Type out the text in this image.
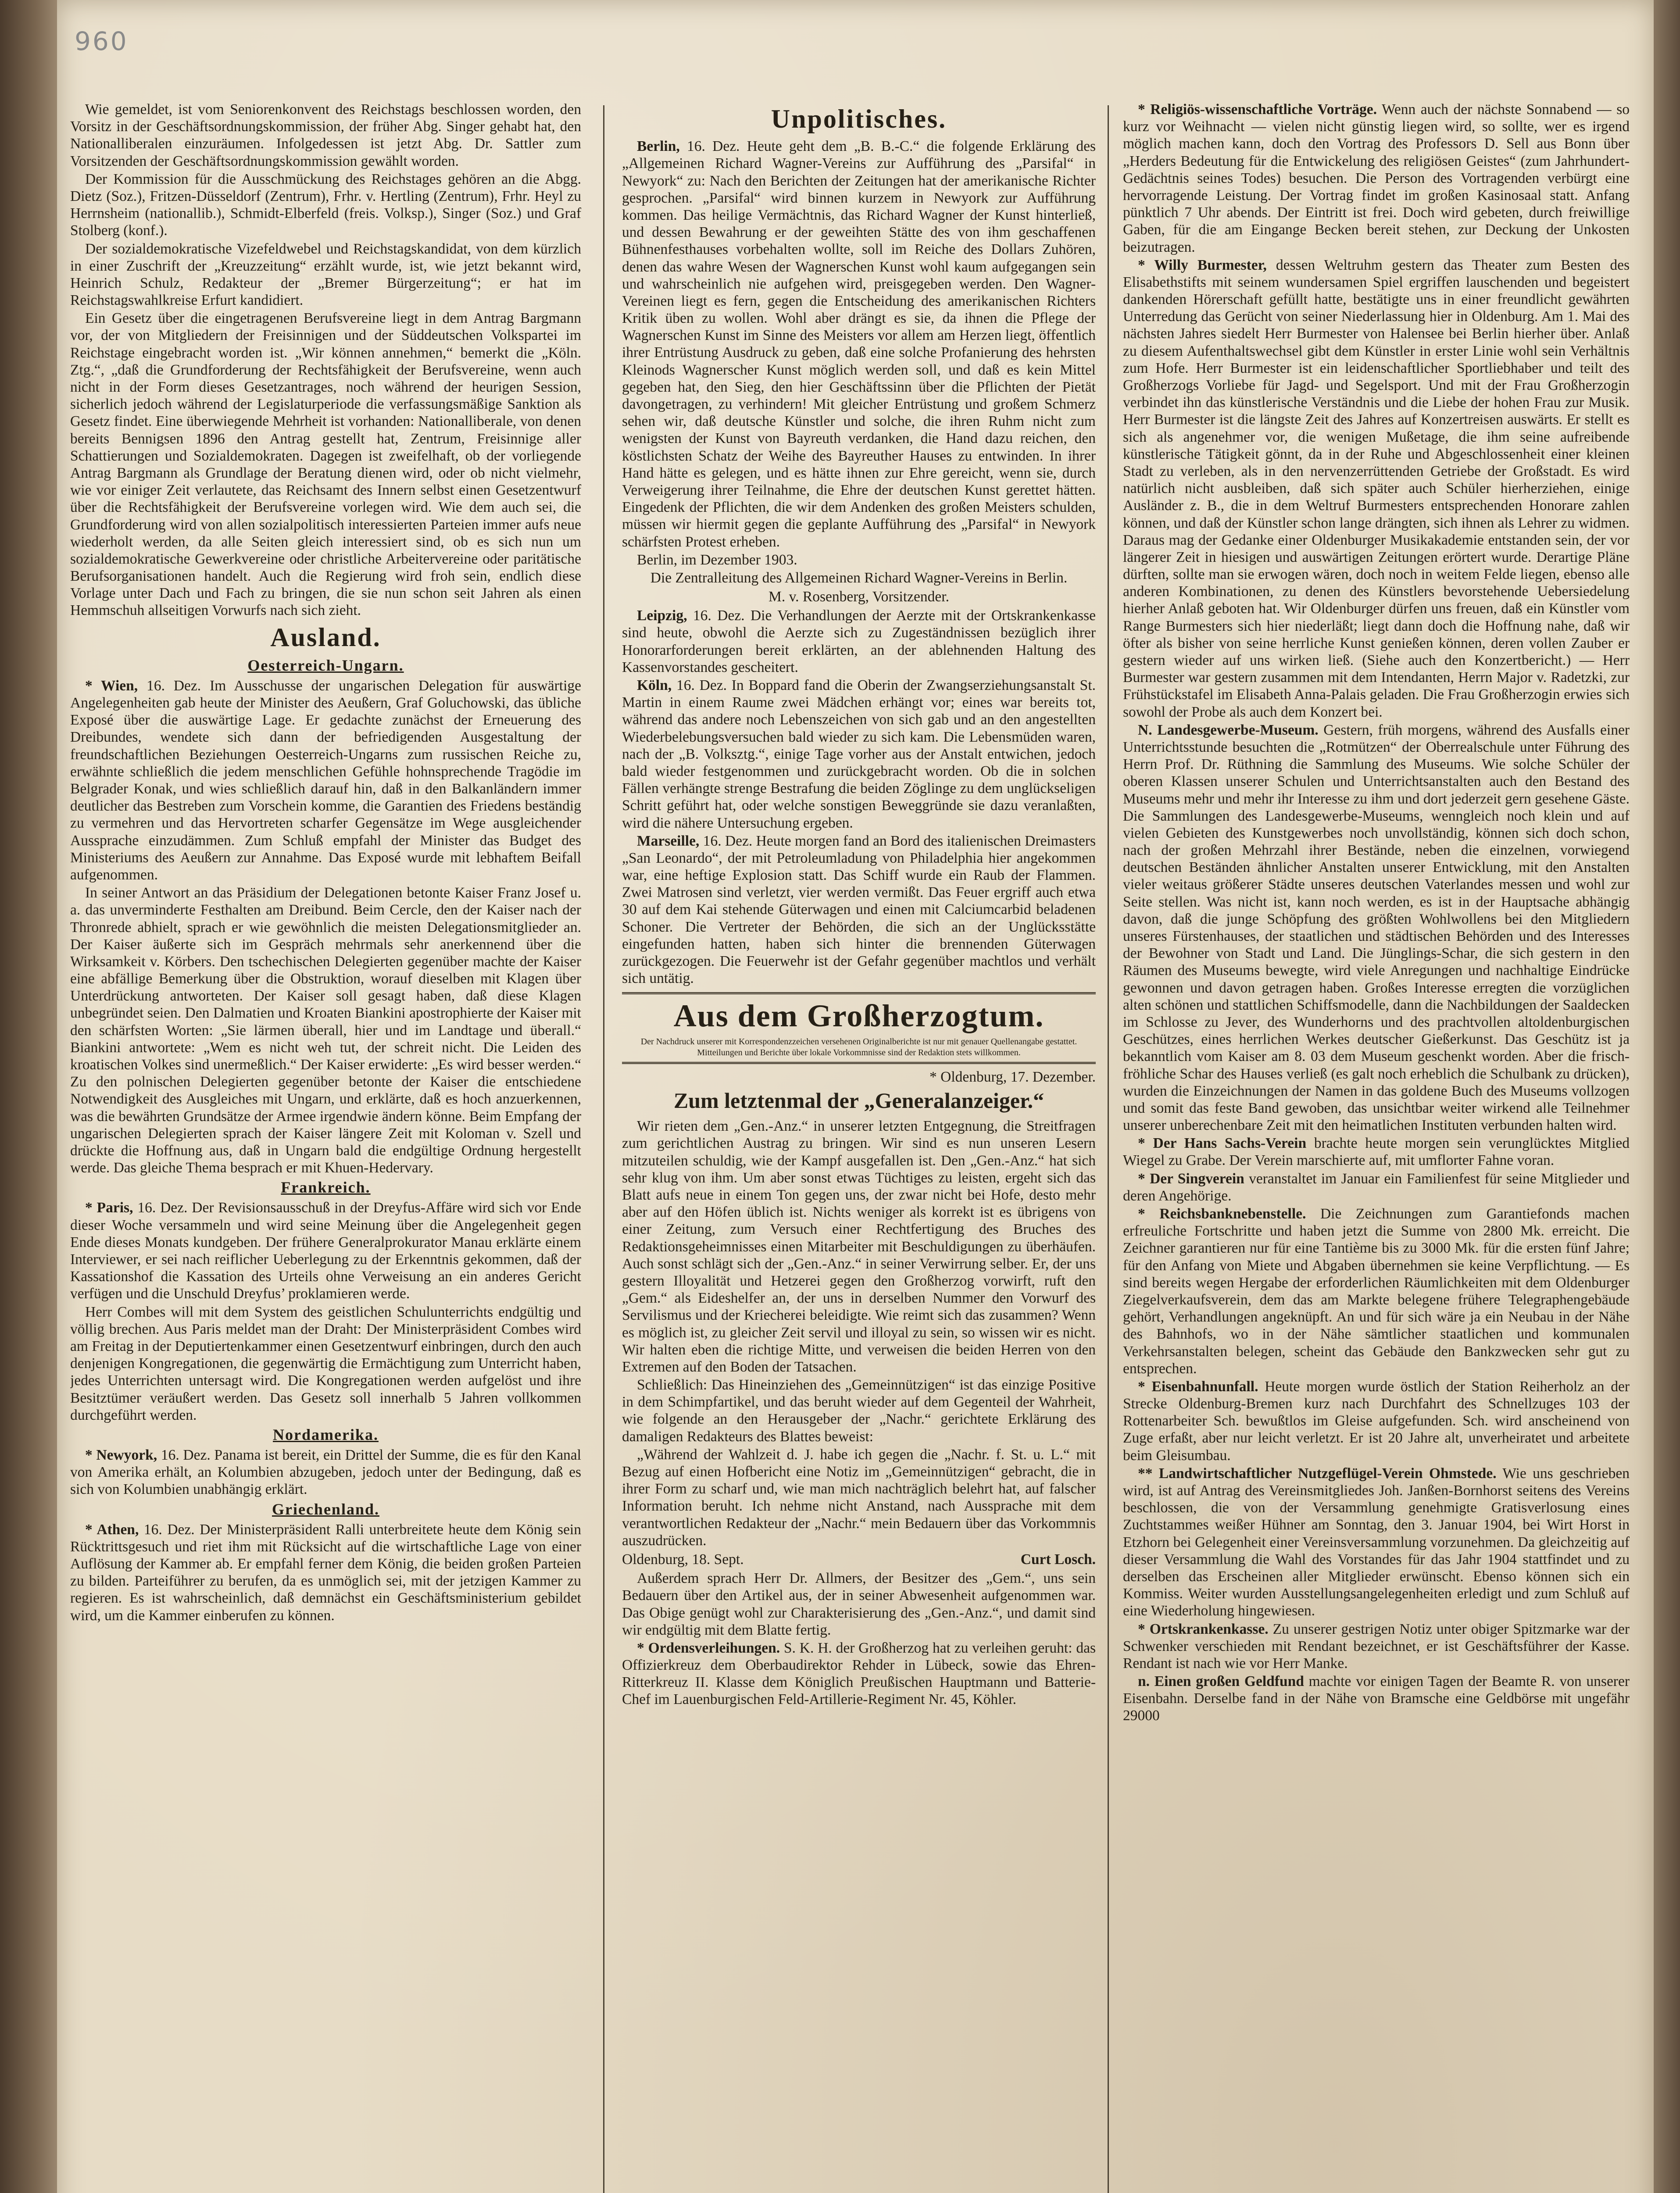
960

Wie gemeldet, ist vom Seniorenkonvent des Reichstags beschlossen worden, den Vorsitz in der Geschäftsordnungskommission, der früher Abg. Singer gehabt hat, den Nationalliberalen einzuräumen. Infolgedessen ist jetzt Abg. Dr. Sattler zum Vorsitzenden der Geschäftsordnungskommission gewählt worden.

Der Kommission für die Ausschmückung des Reichstages gehören an die Abgg. Dietz (Soz.), Fritzen-Düsseldorf (Zentrum), Frhr. v. Hertling (Zentrum), Frhr. Heyl zu Herrnsheim (nationallib.), Schmidt-Elberfeld (freis. Volksp.), Singer (Soz.) und Graf Stolberg (konf.).

Der sozialdemokratische Vizefeldwebel und Reichstagskandidat, von dem kürzlich in einer Zuschrift der „Kreuzzeitung“ erzählt wurde, ist, wie jetzt bekannt wird, Heinrich Schulz, Redakteur der „Bremer Bürgerzeitung“; er hat im Reichstagswahlkreise Erfurt kandidiert.

Ein Gesetz über die eingetragenen Berufsvereine liegt in dem Antrag Bargmann vor, der von Mitgliedern der Freisinnigen und der Süddeutschen Volkspartei im Reichstage eingebracht worden ist. „Wir können annehmen,“ bemerkt die „Köln. Ztg.“, „daß die Grundforderung der Rechtsfähigkeit der Berufsvereine, wenn auch nicht in der Form dieses Gesetzantrages, noch während der heurigen Session, sicherlich jedoch während der Legislaturperiode die verfassungsmäßige Sanktion als Gesetz findet. Eine überwiegende Mehrheit ist vorhanden: Nationalliberale, von denen bereits Bennigsen 1896 den Antrag gestellt hat, Zentrum, Freisinnige aller Schattierungen und Sozialdemokraten. Dagegen ist zweifelhaft, ob der vorliegende Antrag Bargmann als Grundlage der Beratung dienen wird, oder ob nicht vielmehr, wie vor einiger Zeit verlautete, das Reichsamt des Innern selbst einen Gesetzentwurf über die Rechtsfähigkeit der Berufsvereine vorlegen wird. Wie dem auch sei, die Grundforderung wird von allen sozialpolitisch interessierten Parteien immer aufs neue wiederholt werden, da alle Seiten gleich interessiert sind, ob es sich nun um sozialdemokratische Gewerkvereine oder christliche Arbeitervereine oder paritätische Berufsorganisationen handelt. Auch die Regierung wird froh sein, endlich diese Vorlage unter Dach und Fach zu bringen, die sie nun schon seit Jahren als einen Hemmschuh allseitigen Vorwurfs nach sich zieht.

Ausland.
Oesterreich-Ungarn.

* Wien, 16. Dez. Im Ausschusse der ungarischen Delegation für auswärtige Angelegenheiten gab heute der Minister des Aeußern, Graf Goluchowski, das übliche Exposé über die auswärtige Lage. Er gedachte zunächst der Erneuerung des Dreibundes, wendete sich dann der befriedigenden Ausgestaltung der freundschaftlichen Beziehungen Oesterreich-Ungarns zum russischen Reiche zu, erwähnte schließlich die jedem menschlichen Gefühle hohnsprechende Tragödie im Belgrader Konak, und wies schließlich darauf hin, daß in den Balkanländern immer deutlicher das Bestreben zum Vorschein komme, die Garantien des Friedens beständig zu vermehren und das Hervortreten scharfer Gegensätze im Wege ausgleichender Aussprache einzudämmen. Zum Schluß empfahl der Minister das Budget des Ministeriums des Aeußern zur Annahme. Das Exposé wurde mit lebhaftem Beifall aufgenommen.

In seiner Antwort an das Präsidium der Delegationen betonte Kaiser Franz Josef u. a. das unverminderte Festhalten am Dreibund. Beim Cercle, den der Kaiser nach der Thronrede abhielt, sprach er wie gewöhnlich die meisten Delegationsmitglieder an. Der Kaiser äußerte sich im Gespräch mehrmals sehr anerkennend über die Wirksamkeit v. Körbers. Den tschechischen Delegierten gegenüber machte der Kaiser eine abfällige Bemerkung über die Obstruktion, worauf dieselben mit Klagen über Unterdrückung antworteten. Der Kaiser soll gesagt haben, daß diese Klagen unbegründet seien. Den Dalmatien und Kroaten Biankini apostrophierte der Kaiser mit den schärfsten Worten: „Sie lärmen überall, hier und im Landtage und überall.“ Biankini antwortete: „Wem es nicht weh tut, der schreit nicht. Die Leiden des kroatischen Volkes sind unermeßlich.“ Der Kaiser erwiderte: „Es wird besser werden.“ Zu den polnischen Delegierten gegenüber betonte der Kaiser die entschiedene Notwendigkeit des Ausgleiches mit Ungarn, und erklärte, daß es hoch anzuerkennen, was die bewährten Grundsätze der Armee irgendwie ändern könne. Beim Empfang der ungarischen Delegierten sprach der Kaiser längere Zeit mit Koloman v. Szell und drückte die Hoffnung aus, daß in Ungarn bald die endgültige Ordnung hergestellt werde. Das gleiche Thema besprach er mit Khuen-Hedervary.

Frankreich.

* Paris, 16. Dez. Der Revisionsausschuß in der Dreyfus-Affäre wird sich vor Ende dieser Woche versammeln und wird seine Meinung über die Angelegenheit gegen Ende dieses Monats kundgeben. Der frühere Generalprokurator Manau erklärte einem Interviewer, er sei nach reiflicher Ueberlegung zu der Erkenntnis gekommen, daß der Kassationshof die Kassation des Urteils ohne Verweisung an ein anderes Gericht verfügen und die Unschuld Dreyfus’ proklamieren werde.

Herr Combes will mit dem System des geistlichen Schulunterrichts endgültig und völlig brechen. Aus Paris meldet man der Draht: Der Ministerpräsident Combes wird am Freitag in der Deputiertenkammer einen Gesetzentwurf einbringen, durch den auch denjenigen Kongregationen, die gegenwärtig die Ermächtigung zum Unterricht haben, jedes Unterrichten untersagt wird. Die Kongregationen werden aufgelöst und ihre Besitztümer veräußert werden. Das Gesetz soll innerhalb 5 Jahren vollkommen durchgeführt werden.

Nordamerika.

* Newyork, 16. Dez. Panama ist bereit, ein Drittel der Summe, die es für den Kanal von Amerika erhält, an Kolumbien abzugeben, jedoch unter der Bedingung, daß es sich von Kolumbien unabhängig erklärt.

Griechenland.

* Athen, 16. Dez. Der Ministerpräsident Ralli unterbreitete heute dem König sein Rücktrittsgesuch und riet ihm mit Rücksicht auf die wirtschaftliche Lage von einer Auflösung der Kammer ab. Er empfahl ferner dem König, die beiden großen Parteien zu bilden. Parteiführer zu berufen, da es unmöglich sei, mit der jetzigen Kammer zu regieren. Es ist wahrscheinlich, daß demnächst ein Geschäftsministerium gebildet wird, um die Kammer einberufen zu können.

Unpolitisches.

Berlin, 16. Dez. Heute geht dem „B. B.-C.“ die folgende Erklärung des „Allgemeinen Richard Wagner-Vereins zur Aufführung des „Parsifal“ in Newyork“ zu: Nach den Berichten der Zeitungen hat der amerikanische Richter gesprochen. „Parsifal“ wird binnen kurzem in Newyork zur Aufführung kommen. Das heilige Vermächtnis, das Richard Wagner der Kunst hinterließ, und dessen Bewahrung er der geweihten Stätte des von ihm geschaffenen Bühnenfesthauses vorbehalten wollte, soll im Reiche des Dollars Zuhören, denen das wahre Wesen der Wagnerschen Kunst wohl kaum aufgegangen sein und wahrscheinlich nie aufgehen wird, preisgegeben werden. Den Wagner-Vereinen liegt es fern, gegen die Entscheidung des amerikanischen Richters Kritik üben zu wollen. Wohl aber drängt es sie, da ihnen die Pflege der Wagnerschen Kunst im Sinne des Meisters vor allem am Herzen liegt, öffentlich ihrer Entrüstung Ausdruck zu geben, daß eine solche Profanierung des hehrsten Kleinods Wagnerscher Kunst möglich werden soll, und daß es kein Mittel gegeben hat, den Sieg, den hier Geschäftssinn über die Pflichten der Pietät davongetragen, zu verhindern! Mit gleicher Entrüstung und großem Schmerz sehen wir, daß deutsche Künstler und solche, die ihren Ruhm nicht zum wenigsten der Kunst von Bayreuth verdanken, die Hand dazu reichen, den köstlichsten Schatz der Weihe des Bayreuther Hauses zu entwinden. In ihrer Hand hätte es gelegen, und es hätte ihnen zur Ehre gereicht, wenn sie, durch Verweigerung ihrer Teilnahme, die Ehre der deutschen Kunst gerettet hätten. Eingedenk der Pflichten, die wir dem Andenken des großen Meisters schulden, müssen wir hiermit gegen die geplante Aufführung des „Parsifal“ in Newyork schärfsten Protest erheben.

Berlin, im Dezember 1903.

Die Zentralleitung des Allgemeinen Richard Wagner-Vereins in Berlin.
M. v. Rosenberg, Vorsitzender.

Leipzig, 16. Dez. Die Verhandlungen der Aerzte mit der Ortskrankenkasse sind heute, obwohl die Aerzte sich zu Zugeständnissen bezüglich ihrer Honorarforderungen bereit erklärten, an der ablehnenden Haltung des Kassenvorstandes gescheitert.

Köln, 16. Dez. In Boppard fand die Oberin der Zwangserziehungsanstalt St. Martin in einem Raume zwei Mädchen erhängt vor; eines war bereits tot, während das andere noch Lebenszeichen von sich gab und an den angestellten Wiederbelebungsversuchen bald wieder zu sich kam. Die Lebensmüden waren, nach der „B. Volksztg.“, einige Tage vorher aus der Anstalt entwichen, jedoch bald wieder festgenommen und zurückgebracht worden. Ob die in solchen Fällen verhängte strenge Bestrafung die beiden Zöglinge zu dem unglückseligen Schritt geführt hat, oder welche sonstigen Beweggründe sie dazu veranlaßten, wird die nähere Untersuchung ergeben.

Marseille, 16. Dez. Heute morgen fand an Bord des italienischen Dreimasters „San Leonardo“, der mit Petroleumladung von Philadelphia hier angekommen war, eine heftige Explosion statt. Das Schiff wurde ein Raub der Flammen. Zwei Matrosen sind verletzt, vier werden vermißt. Das Feuer ergriff auch etwa 30 auf dem Kai stehende Güterwagen und einen mit Calciumcarbid beladenen Schoner. Die Vertreter der Behörden, die sich an der Unglücksstätte eingefunden hatten, haben sich hinter die brennenden Güterwagen zurückgezogen. Die Feuerwehr ist der Gefahr gegenüber machtlos und verhält sich untätig.

Aus dem Großherzogtum.
Der Nachdruck unserer mit Korrespondenzzeichen versehenen Originalberichte ist nur mit genauer Quellenangabe gestattet. Mitteilungen und Berichte über lokale Vorkommnisse sind der Redaktion stets willkommen.
* Oldenburg, 17. Dezember.
Zum letztenmal der „Generalanzeiger.“

Wir rieten dem „Gen.-Anz.“ in unserer letzten Entgegnung, die Streitfragen zum gerichtlichen Austrag zu bringen. Wir sind es nun unseren Lesern mitzuteilen schuldig, wie der Kampf ausgefallen ist. Den „Gen.-Anz.“ hat sich sehr klug von ihm. Um aber sonst etwas Tüchtiges zu leisten, ergeht sich das Blatt aufs neue in einem Ton gegen uns, der zwar nicht bei Hofe, desto mehr aber auf den Höfen üblich ist. Nichts weniger als korrekt ist es übrigens von einer Zeitung, zum Versuch einer Rechtfertigung des Bruches des Redaktionsgeheimnisses einen Mitarbeiter mit Beschuldigungen zu überhäufen. Auch sonst schlägt sich der „Gen.-Anz.“ in seiner Verwirrung selber. Er, der uns gestern Illoyalität und Hetzerei gegen den Großherzog vorwirft, ruft den „Gem.“ als Eideshelfer an, der uns in derselben Nummer den Vorwurf des Servilismus und der Kriecherei beleidigte. Wie reimt sich das zusammen? Wenn es möglich ist, zu gleicher Zeit servil und illoyal zu sein, so wissen wir es nicht. Wir halten eben die richtige Mitte, und verweisen die beiden Herren von den Extremen auf den Boden der Tatsachen.

Schließlich: Das Hineinziehen des „Gemeinnützigen“ ist das einzige Positive in dem Schimpfartikel, und das beruht wieder auf dem Gegenteil der Wahrheit, wie folgende an den Herausgeber der „Nachr.“ gerichtete Erklärung des damaligen Redakteurs des Blattes beweist:

„Während der Wahlzeit d. J. habe ich gegen die „Nachr. f. St. u. L.“ mit Bezug auf einen Hofbericht eine Notiz im „Gemeinnützigen“ gebracht, die in ihrer Form zu scharf und, wie man mich nachträglich belehrt hat, auf falscher Information beruht. Ich nehme nicht Anstand, nach Aussprache mit dem verantwortlichen Redakteur der „Nachr.“ mein Bedauern über das Vorkommnis auszudrücken.

Oldenburg, 18. Sept.	Curt Losch.

Außerdem sprach Herr Dr. Allmers, der Besitzer des „Gem.“, uns sein Bedauern über den Artikel aus, der in seiner Abwesenheit aufgenommen war. Das Obige genügt wohl zur Charakterisierung des „Gen.-Anz.“, und damit sind wir endgültig mit dem Blatte fertig.

* Ordensverleihungen. S. K. H. der Großherzog hat zu verleihen geruht: das Offizierkreuz dem Oberbaudirektor Rehder in Lübeck, sowie das Ehren-Ritterkreuz II. Klasse dem Königlich Preußischen Hauptmann und Batterie-Chef im Lauenburgischen Feld-Artillerie-Regiment Nr. 45, Köhler.

* Religiös-wissenschaftliche Vorträge. Wenn auch der nächste Sonnabend — so kurz vor Weihnacht — vielen nicht günstig liegen wird, so sollte, wer es irgend möglich machen kann, doch den Vortrag des Professors D. Sell aus Bonn über „Herders Bedeutung für die Entwickelung des religiösen Geistes“ (zum Jahrhundert-Gedächtnis seines Todes) besuchen. Die Person des Vortragenden verbürgt eine hervorragende Leistung. Der Vortrag findet im großen Kasinosaal statt. Anfang pünktlich 7 Uhr abends. Der Eintritt ist frei. Doch wird gebeten, durch freiwillige Gaben, für die am Eingange Becken bereit stehen, zur Deckung der Unkosten beizutragen.

* Willy Burmester, dessen Weltruhm gestern das Theater zum Besten des Elisabethstifts mit seinem wundersamen Spiel ergriffen lauschenden und begeistert dankenden Hörerschaft gefüllt hatte, bestätigte uns in einer freundlicht gewährten Unterredung das Gerücht von seiner Niederlassung hier in Oldenburg. Am 1. Mai des nächsten Jahres siedelt Herr Burmester von Halensee bei Berlin hierher über. Anlaß zu diesem Aufenthaltswechsel gibt dem Künstler in erster Linie wohl sein Verhältnis zum Hofe. Herr Burmester ist ein leidenschaftlicher Sportliebhaber und teilt des Großherzogs Vorliebe für Jagd- und Segelsport. Und mit der Frau Großherzogin verbindet ihn das künstlerische Verständnis und die Liebe der hohen Frau zur Musik. Herr Burmester ist die längste Zeit des Jahres auf Konzertreisen auswärts. Er stellt es sich als angenehmer vor, die wenigen Mußetage, die ihm seine aufreibende künstlerische Tätigkeit gönnt, da in der Ruhe und Abgeschlossenheit einer kleinen Stadt zu verleben, als in den nervenzerrüttenden Getriebe der Großstadt. Es wird natürlich nicht ausbleiben, daß sich später auch Schüler hierherziehen, einige Ausländer z. B., die in dem Weltruf Burmesters entsprechenden Honorare zahlen können, und daß der Künstler schon lange drängten, sich ihnen als Lehrer zu widmen. Daraus mag der Gedanke einer Oldenburger Musikakademie entstanden sein, der vor längerer Zeit in hiesigen und auswärtigen Zeitungen erörtert wurde. Derartige Pläne dürften, sollte man sie erwogen wären, doch noch in weitem Felde liegen, ebenso alle anderen Kombinationen, zu denen des Künstlers bevorstehende Uebersiedelung hierher Anlaß geboten hat. Wir Oldenburger dürfen uns freuen, daß ein Künstler vom Range Burmesters sich hier niederläßt; liegt dann doch die Hoffnung nahe, daß wir öfter als bisher von seine herrliche Kunst genießen können, deren vollen Zauber er gestern wieder auf uns wirken ließ. (Siehe auch den Konzertbericht.) — Herr Burmester war gestern zusammen mit dem Intendanten, Herrn Major v. Radetzki, zur Frühstückstafel im Elisabeth Anna-Palais geladen. Die Frau Großherzogin erwies sich sowohl der Probe als auch dem Konzert bei.

N. Landesgewerbe-Museum. Gestern, früh morgens, während des Ausfalls einer Unterrichtsstunde besuchten die „Rotmützen“ der Oberrealschule unter Führung des Herrn Prof. Dr. Rüthning die Sammlung des Museums. Wie solche Schüler der oberen Klassen unserer Schulen und Unterrichtsanstalten auch den Bestand des Museums mehr und mehr ihr Interesse zu ihm und dort jederzeit gern gesehene Gäste. Die Sammlungen des Landesgewerbe-Museums, wenngleich noch klein und auf vielen Gebieten des Kunstgewerbes noch unvollständig, können sich doch schon, nach der großen Mehrzahl ihrer Bestände, neben die einzelnen, vorwiegend deutschen Beständen ähnlicher Anstalten unserer Entwicklung, mit den Anstalten vieler weitaus größerer Städte unseres deutschen Vaterlandes messen und wohl zur Seite stellen. Was nicht ist, kann noch werden, es ist in der Hauptsache abhängig davon, daß die junge Schöpfung des größten Wohlwollens bei den Mitgliedern unseres Fürstenhauses, der staatlichen und städtischen Behörden und des Interesses der Bewohner von Stadt und Land. Die Jünglings-Schar, die sich gestern in den Räumen des Museums bewegte, wird viele Anregungen und nachhaltige Eindrücke gewonnen und davon getragen haben. Großes Interesse erregten die vorzüglichen alten schönen und stattlichen Schiffsmodelle, dann die Nachbildungen der Saaldecken im Schlosse zu Jever, des Wunderhorns und des prachtvollen altoldenburgischen Geschützes, eines herrlichen Werkes deutscher Gießerkunst. Das Geschütz ist ja bekanntlich vom Kaiser am 8. 03 dem Museum geschenkt worden. Aber die frisch-fröhliche Schar des Hauses verließ (es galt noch erheblich die Schulbank zu drücken), wurden die Einzeichnungen der Namen in das goldene Buch des Museums vollzogen und somit das feste Band gewoben, das unsichtbar weiter wirkend alle Teilnehmer unserer unberechenbare Zeit mit den heimatlichen Instituten verbunden halten wird.

* Der Hans Sachs-Verein brachte heute morgen sein verunglücktes Mitglied Wiegel zu Grabe. Der Verein marschierte auf, mit umflorter Fahne voran.

* Der Singverein veranstaltet im Januar ein Familienfest für seine Mitglieder und deren Angehörige.

* Reichsbanknebenstelle. Die Zeichnungen zum Garantiefonds machen erfreuliche Fortschritte und haben jetzt die Summe von 2800 Mk. erreicht. Die Zeichner garantieren nur für eine Tantième bis zu 3000 Mk. für die ersten fünf Jahre; für den Anfang von Miete und Abgaben übernehmen sie keine Verpflichtung. — Es sind bereits wegen Hergabe der erforderlichen Räumlichkeiten mit dem Oldenburger Ziegelverkaufsverein, dem das am Markte belegene frühere Telegraphengebäude gehört, Verhandlungen angeknüpft. An und für sich wäre ja ein Neubau in der Nähe des Bahnhofs, wo in der Nähe sämtlicher staatlichen und kommunalen Verkehrsanstalten belegen, scheint das Gebäude den Bankzwecken sehr gut zu entsprechen.

* Eisenbahnunfall. Heute morgen wurde östlich der Station Reiherholz an der Strecke Oldenburg-Bremen kurz nach Durchfahrt des Schnellzuges 103 der Rottenarbeiter Sch. bewußtlos im Gleise aufgefunden. Sch. wird anscheinend von Zuge erfaßt, aber nur leicht verletzt. Er ist 20 Jahre alt, unverheiratet und arbeitete beim Gleisumbau.

** Landwirtschaftlicher Nutzgeflügel-Verein Ohmstede. Wie uns geschrieben wird, ist auf Antrag des Vereinsmitgliedes Joh. Janßen-Bornhorst seitens des Vereins beschlossen, die von der Versammlung genehmigte Gratisverlosung eines Zuchtstammes weißer Hühner am Sonntag, den 3. Januar 1904, bei Wirt Horst in Etzhorn bei Gelegenheit einer Vereinsversammlung vorzunehmen. Da gleichzeitig auf dieser Versammlung die Wahl des Vorstandes für das Jahr 1904 stattfindet und zu derselben das Erscheinen aller Mitglieder erwünscht. Ebenso können sich ein Kommiss. Weiter wurden Ausstellungsangelegenheiten erledigt und zum Schluß auf eine Wiederholung hingewiesen.

* Ortskrankenkasse. Zu unserer gestrigen Notiz unter obiger Spitzmarke war der Schwenker verschieden mit Rendant bezeichnet, er ist Geschäftsführer der Kasse. Rendant ist nach wie vor Herr Manke.

n. Einen großen Geldfund machte vor einigen Tagen der Beamte R. von unserer Eisenbahn. Derselbe fand in der Nähe von Bramsche eine Geldbörse mit ungefähr 29000
